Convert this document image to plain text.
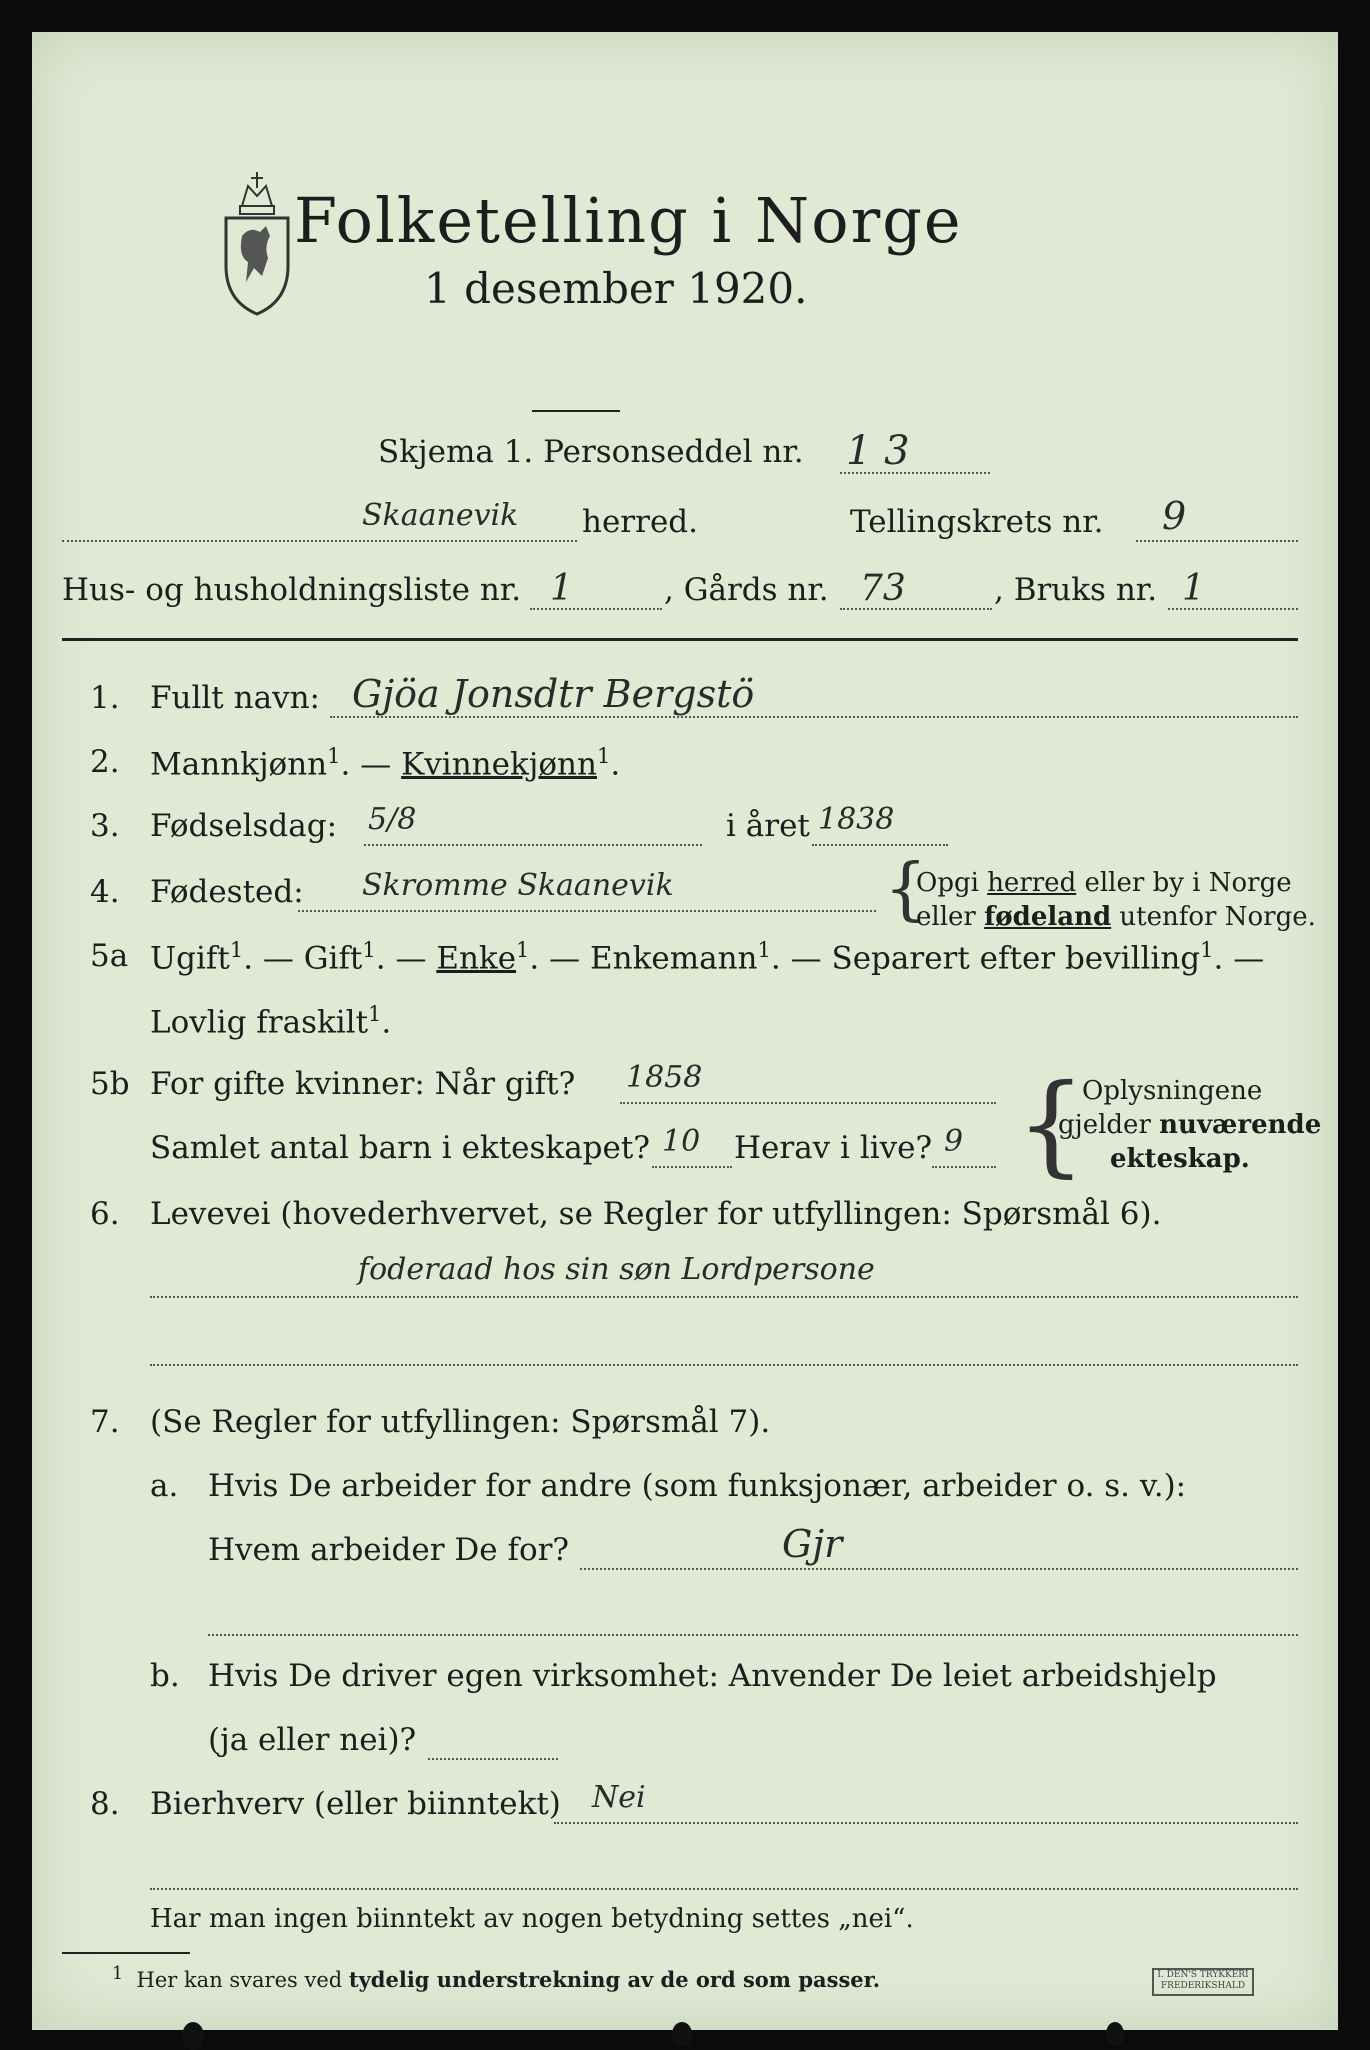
Folketelling i Norge
1 desember 1920.
Skjema 1. Personseddel nr. 1 3
Skaanevik herred.	Tellingskrets nr. 9
Hus- og husholdningsliste nr. 1	, Gårds nr. 73	, Bruks nr. 1
1. Fullt navn: Gjöa Jonsdtr Bergstö
2. Mannkjønn$^1$. — Kvinnekjønn$^1$.
3. Fødselsdag: 5/8	i året 1838
4. Fødested: Skromme Skaanevik	{
Opgi herred eller by i Norge
eller fødeland utenfor Norge.
5a Ugift$^1$. — Gift$^1$. — Enke$^1$. — Enkemann$^1$. — Separert efter bevilling$^1$. —
Lovlig fraskilt$^1$.
5b For gifte kvinner: Når gift? 1858
Samlet antal barn i ekteskapet? 10 Herav i live? 9 {
Oplysningene
gjelder nuværende
ekteskap.
6. Levevei (hovederhvervet, se Regler for utfyllingen: Spørsmål 6).
foderaad hos sin søn Lordpersone
7. (Se Regler for utfyllingen: Spørsmål 7).
a. Hvis De arbeider for andre (som funksjonær, arbeider o. s. v.):
Hvem arbeider De for?	Gjr
b. Hvis De driver egen virksomhet: Anvender De leiet arbeidshjelp
(ja eller nei)?
8. Bierhverv (eller biinntekt) Nei
Har man ingen biinntekt av nogen betydning settes „nei“.
$^1$ Her kan svares ved tydelig understrekning av de ord som passer.	I. DEN'S TRYKKERI
FREDERIKSHALD
